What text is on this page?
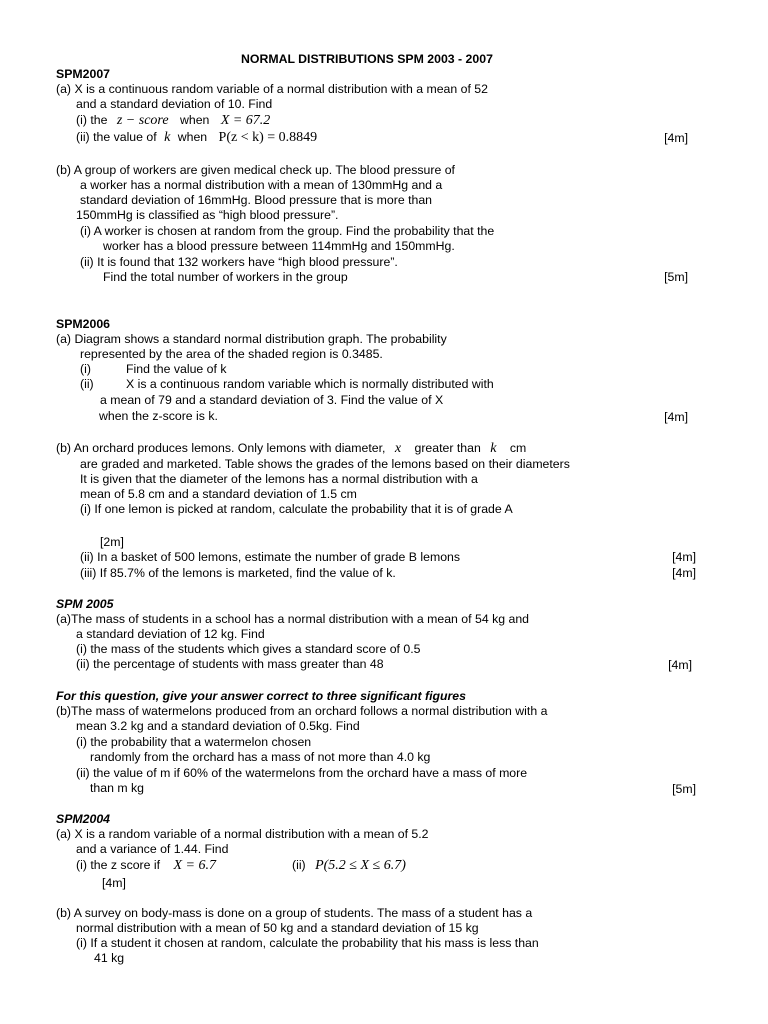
NORMAL DISTRIBUTIONS SPM 2003 - 2007
SPM2007
(a) X is a continuous random variable of a normal distribution with a mean of 52
and a standard deviation of 10. Find
(i) the z − score when X = 67.2
(ii) the value of k when P(z < k) = 0.8849	[4m]
(b) A group of workers are given medical check up. The blood pressure of
a worker has a normal distribution with a mean of 130mmHg and a
standard deviation of 16mmHg. Blood pressure that is more than
150mmHg is classified as “high blood pressure”.
(i) A worker is chosen at random from the group. Find the probability that the
worker has a blood pressure between 114mmHg and 150mmHg.
(ii) It is found that 132 workers have “high blood pressure”.
Find the total number of workers in the group	[5m]
SPM2006
(a) Diagram shows a standard normal distribution graph. The probability
represented by the area of the shaded region is 0.3485.
(i)	Find the value of k
(ii)	X is a continuous random variable which is normally distributed with
a mean of 79 and a standard deviation of 3. Find the value of X
when the z-score is k.	[4m]
(b) An orchard produces lemons. Only lemons with diameter, x greater than k cm
are graded and marketed. Table shows the grades of the lemons based on their diameters
It is given that the diameter of the lemons has a normal distribution with a
mean of 5.8 cm and a standard deviation of 1.5 cm
(i) If one lemon is picked at random, calculate the probability that it is of grade A
[2m]
(ii) In a basket of 500 lemons, estimate the number of grade B lemons	[4m]
(iii) If 85.7% of the lemons is marketed, find the value of k.	[4m]
SPM 2005
(a)The mass of students in a school has a normal distribution with a mean of 54 kg and
a standard deviation of 12 kg. Find
(i) the mass of the students which gives a standard score of 0.5
(ii) the percentage of students with mass greater than 48	[4m]
For this question, give your answer correct to three significant figures
(b)The mass of watermelons produced from an orchard follows a normal distribution with a
mean 3.2 kg and a standard deviation of 0.5kg. Find
(i) the probability that a watermelon chosen
randomly from the orchard has a mass of not more than 4.0 kg
(ii) the value of m if 60% of the watermelons from the orchard have a mass of more
than m kg	[5m]
SPM2004
(a) X is a random variable of a normal distribution with a mean of 5.2
and a variance of 1.44. Find
(i) the z score if X = 6.7	(ii) P(5.2 ≤ X ≤ 6.7)
[4m]
(b) A survey on body-mass is done on a group of students. The mass of a student has a
normal distribution with a mean of 50 kg and a standard deviation of 15 kg
(i) If a student it chosen at random, calculate the probability that his mass is less than
41 kg
